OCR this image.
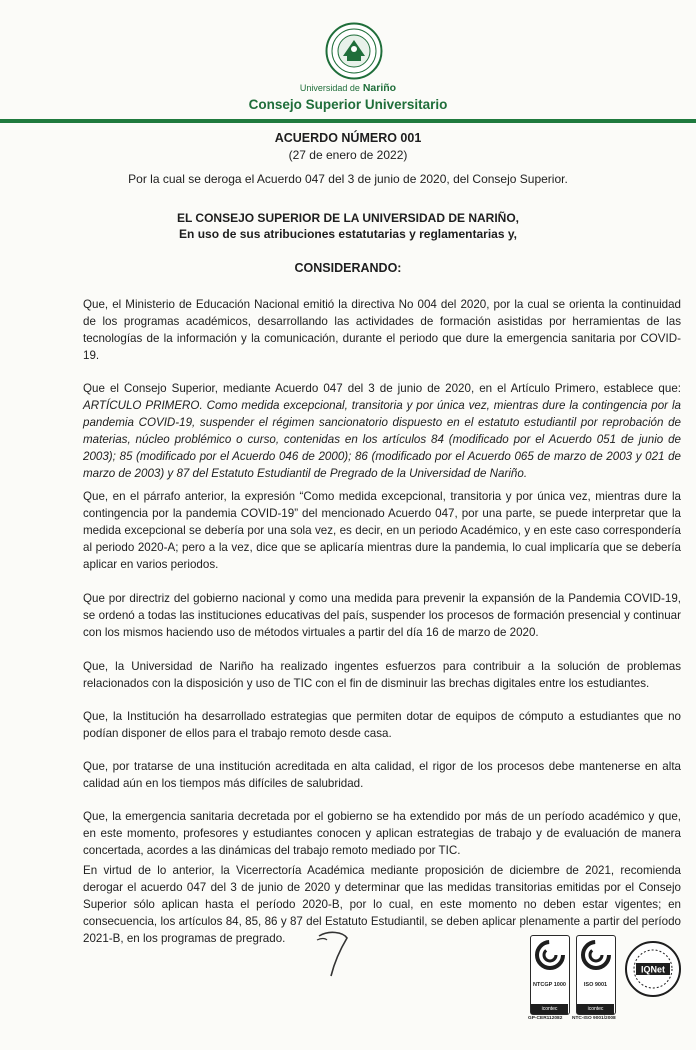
Universidad de Nariño
Consejo Superior Universitario
ACUERDO NÚMERO 001
(27 de enero de 2022)
Por la cual se deroga el Acuerdo 047 del 3 de junio de 2020, del Consejo Superior.
EL CONSEJO SUPERIOR DE LA UNIVERSIDAD DE NARIÑO,
En uso de sus atribuciones estatutarias y reglamentarias y,
CONSIDERANDO:

Que, el Ministerio de Educación Nacional emitió la directiva No 004 del 2020, por la cual se orienta la continuidad de los programas académicos, desarrollando las actividades de formación asistidas por herramientas de las tecnologías de la información y la comunicación, durante el periodo que dure la emergencia sanitaria por COVID-19.

Que el Consejo Superior, mediante Acuerdo 047 del 3 de junio de 2020, en el Artículo Primero, establece que: ARTÍCULO PRIMERO. Como medida excepcional, transitoria y por única vez, mientras dure la contingencia por la pandemia COVID-19, suspender el régimen sancionatorio dispuesto en el estatuto estudiantil por reprobación de materias, núcleo problémico o curso, contenidas en los artículos 84 (modificado por el Acuerdo 051 de junio de 2003); 85 (modificado por el Acuerdo 046 de 2000); 86 (modificado por el Acuerdo 065 de marzo de 2003 y 021 de marzo de 2003) y 87 del Estatuto Estudiantil de Pregrado de la Universidad de Nariño.

Que, en el párrafo anterior, la expresión “Como medida excepcional, transitoria y por única vez, mientras dure la contingencia por la pandemia COVID-19” del mencionado Acuerdo 047, por una parte, se puede interpretar que la medida excepcional se debería por una sola vez, es decir, en un periodo Académico, y en este caso correspondería al periodo 2020-A; pero a la vez, dice que se aplicaría mientras dure la pandemia, lo cual implicaría que se debería aplicar en varios periodos.

Que por directriz del gobierno nacional y como una medida para prevenir la expansión de la Pandemia COVID-19, se ordenó a todas las instituciones educativas del país, suspender los procesos de formación presencial y continuar con los mismos haciendo uso de métodos virtuales a partir del día 16 de marzo de 2020.

Que, la Universidad de Nariño ha realizado ingentes esfuerzos para contribuir a la solución de problemas relacionados con la disposición y uso de TIC con el fin de disminuir las brechas digitales entre los estudiantes.

Que, la Institución ha desarrollado estrategias que permiten dotar de equipos de cómputo a estudiantes que no podían disponer de ellos para el trabajo remoto desde casa.

Que, por tratarse de una institución acreditada en alta calidad, el rigor de los procesos debe mantenerse en alta calidad aún en los tiempos más difíciles de salubridad.

Que, la emergencia sanitaria decretada por el gobierno se ha extendido por más de un período académico y que, en este momento, profesores y estudiantes conocen y aplican estrategias de trabajo y de evaluación de manera concertada, acordes a las dinámicas del trabajo remoto mediado por TIC.

En virtud de lo anterior, la Vicerrectoría Académica mediante proposición de diciembre de 2021, recomienda derogar el acuerdo 047 del 3 de junio de 2020 y determinar que las medidas transitorias emitidas por el Consejo Superior sólo aplican hasta el período 2020-B, por lo cual, en este momento no deben estar vigentes; en consecuencia, los artículos 84, 85, 86 y 87 del Estatuto Estudiantil, se deben aplicar plenamente a partir del período 2021-B, en los programas de pregrado.

NTCGP 1000
icontec
GP-CER112082
ISO 9001
icontec
NTC-ISO 9001/2008
IQNet
